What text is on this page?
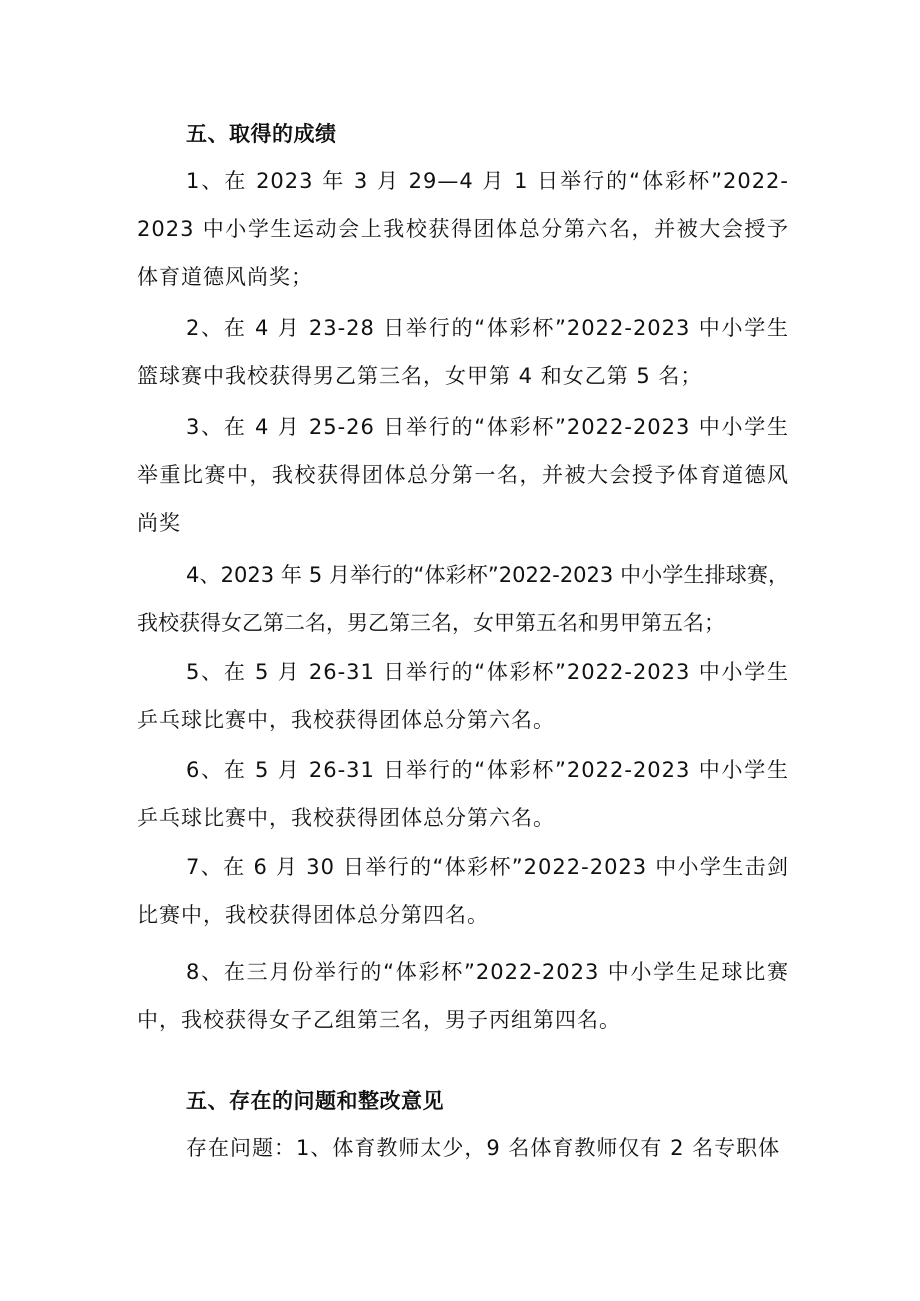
五、取得的成绩
1、在 2023 年 3 月 29—4 月 1 日举行的“体彩杯”2022-2023 中小学生运动会上我校获得团体总分第六名，并被大会授予体育道德风尚奖；
2、在 4 月 23-28 日举行的“体彩杯”2022-2023 中小学生篮球赛中我校获得男乙第三名，女甲第 4 和女乙第 5 名；
3、在 4 月 25-26 日举行的“体彩杯”2022-2023 中小学生举重比赛中，我校获得团体总分第一名，并被大会授予体育道德风尚奖
4、2023 年 5 月举行的“体彩杯”2022-2023 中小学生排球赛，我校获得女乙第二名，男乙第三名，女甲第五名和男甲第五名；
5、在 5 月 26-31 日举行的“体彩杯”2022-2023 中小学生乒乓球比赛中，我校获得团体总分第六名。
6、在 5 月 26-31 日举行的“体彩杯”2022-2023 中小学生乒乓球比赛中，我校获得团体总分第六名。
7、在 6 月 30 日举行的“体彩杯”2022-2023 中小学生击剑比赛中，我校获得团体总分第四名。
8、在三月份举行的“体彩杯”2022-2023 中小学生足球比赛中，我校获得女子乙组第三名，男子丙组第四名。
五、存在的问题和整改意见
存在问题：1、体育教师太少，9 名体育教师仅有 2 名专职体
